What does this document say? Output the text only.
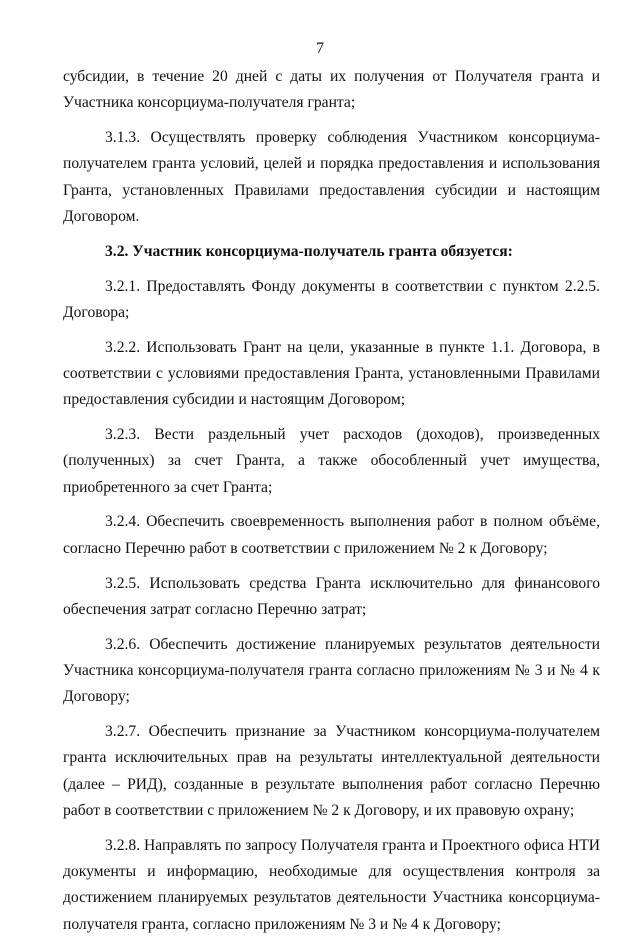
7

субсидии, в течение 20 дней с даты их получения от Получателя гранта и Участника консорциума-получателя гранта;

3.1.3. Осуществлять проверку соблюдения Участником консорциума-получателем гранта условий, целей и порядка предоставления и использования Гранта, установленных Правилами предоставления субсидии и настоящим Договором.

3.2. Участник консорциума-получатель гранта обязуется:

3.2.1. Предоставлять Фонду документы в соответствии с пунктом 2.2.5. Договора;

3.2.2. Использовать Грант на цели, указанные в пункте 1.1. Договора, в соответствии с условиями предоставления Гранта, установленными Правилами предоставления субсидии и настоящим Договором;

3.2.3. Вести раздельный учет расходов (доходов), произведенных (полученных) за счет Гранта, а также обособленный учет имущества, приобретенного за счет Гранта;

3.2.4. Обеспечить своевременность выполнения работ в полном объёме, согласно Перечню работ в соответствии с приложением № 2 к Договору;

3.2.5. Использовать средства Гранта исключительно для финансового обеспечения затрат согласно Перечню затрат;

3.2.6. Обеспечить достижение планируемых результатов деятельности Участника консорциума-получателя гранта согласно приложениям № 3 и № 4 к Договору;

3.2.7. Обеспечить признание за Участником консорциума-получателем гранта исключительных прав на результаты интеллектуальной деятельности (далее – РИД), созданные в результате выполнения работ согласно Перечню работ в соответствии с приложением № 2 к Договору, и их правовую охрану;

3.2.8. Направлять по запросу Получателя гранта и Проектного офиса НТИ документы и информацию, необходимые для осуществления контроля за достижением планируемых результатов деятельности Участника консорциума-получателя гранта, согласно приложениям № 3 и № 4 к Договору;
